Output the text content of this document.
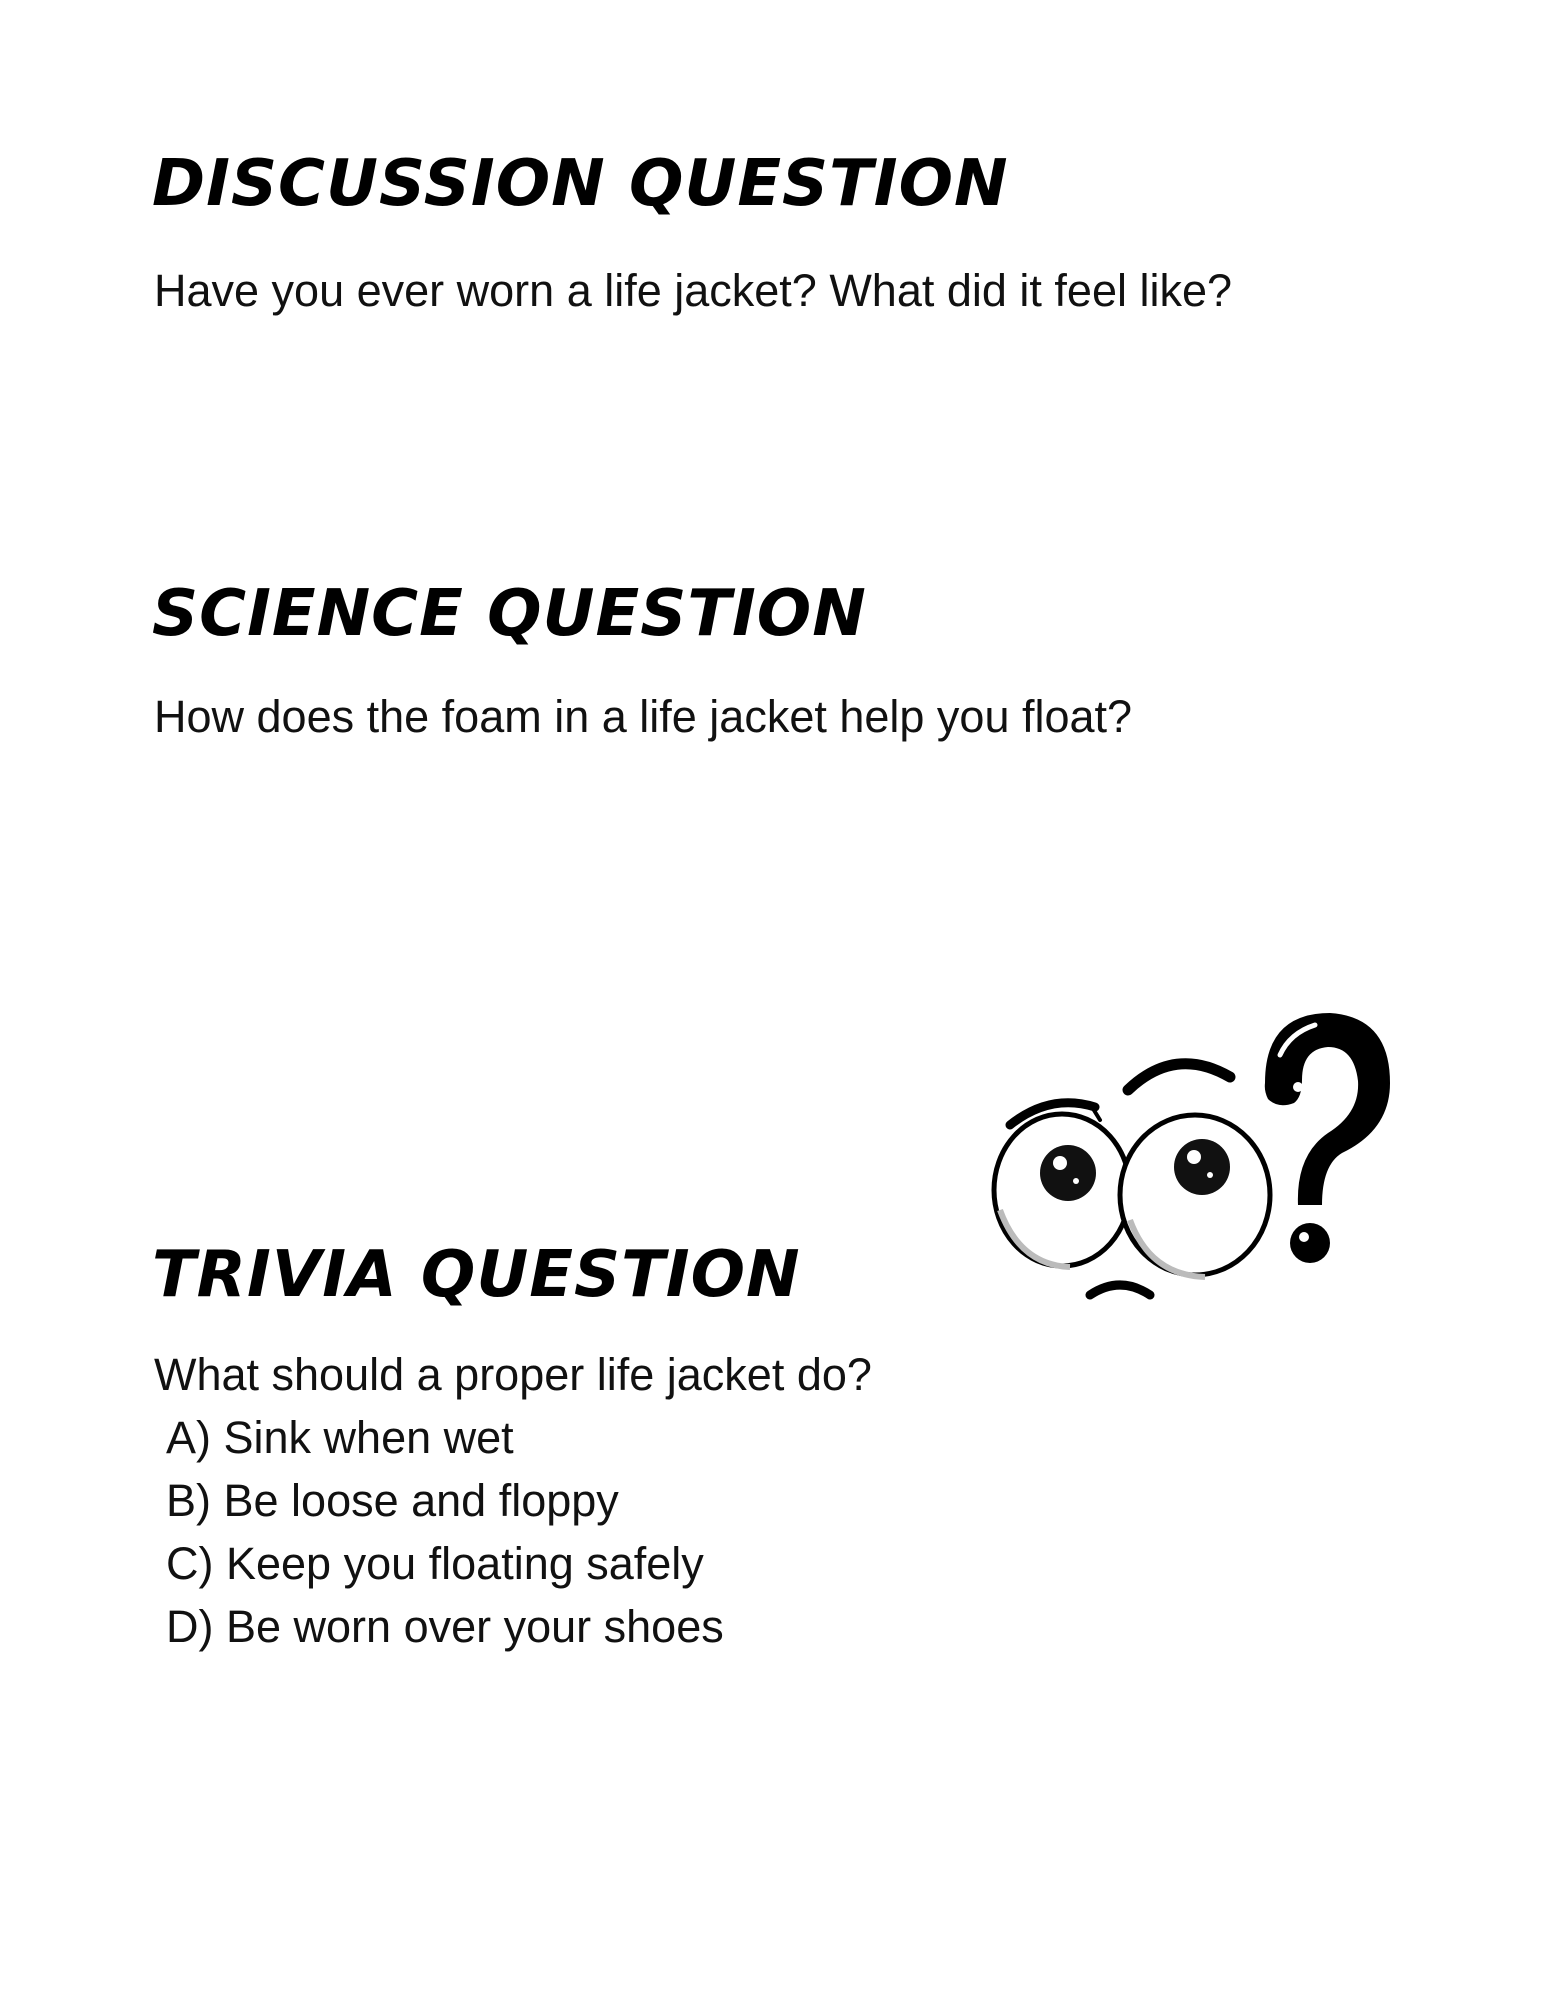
DISCUSSION QUESTION

Have you ever worn a life jacket? What did it feel like?

SCIENCE QUESTION

How does the foam in a life jacket help you float?

TRIVIA QUESTION

What should a proper life jacket do?

A) Sink when wet

B) Be loose and floppy

C) Keep you floating safely

D) Be worn over your shoes
